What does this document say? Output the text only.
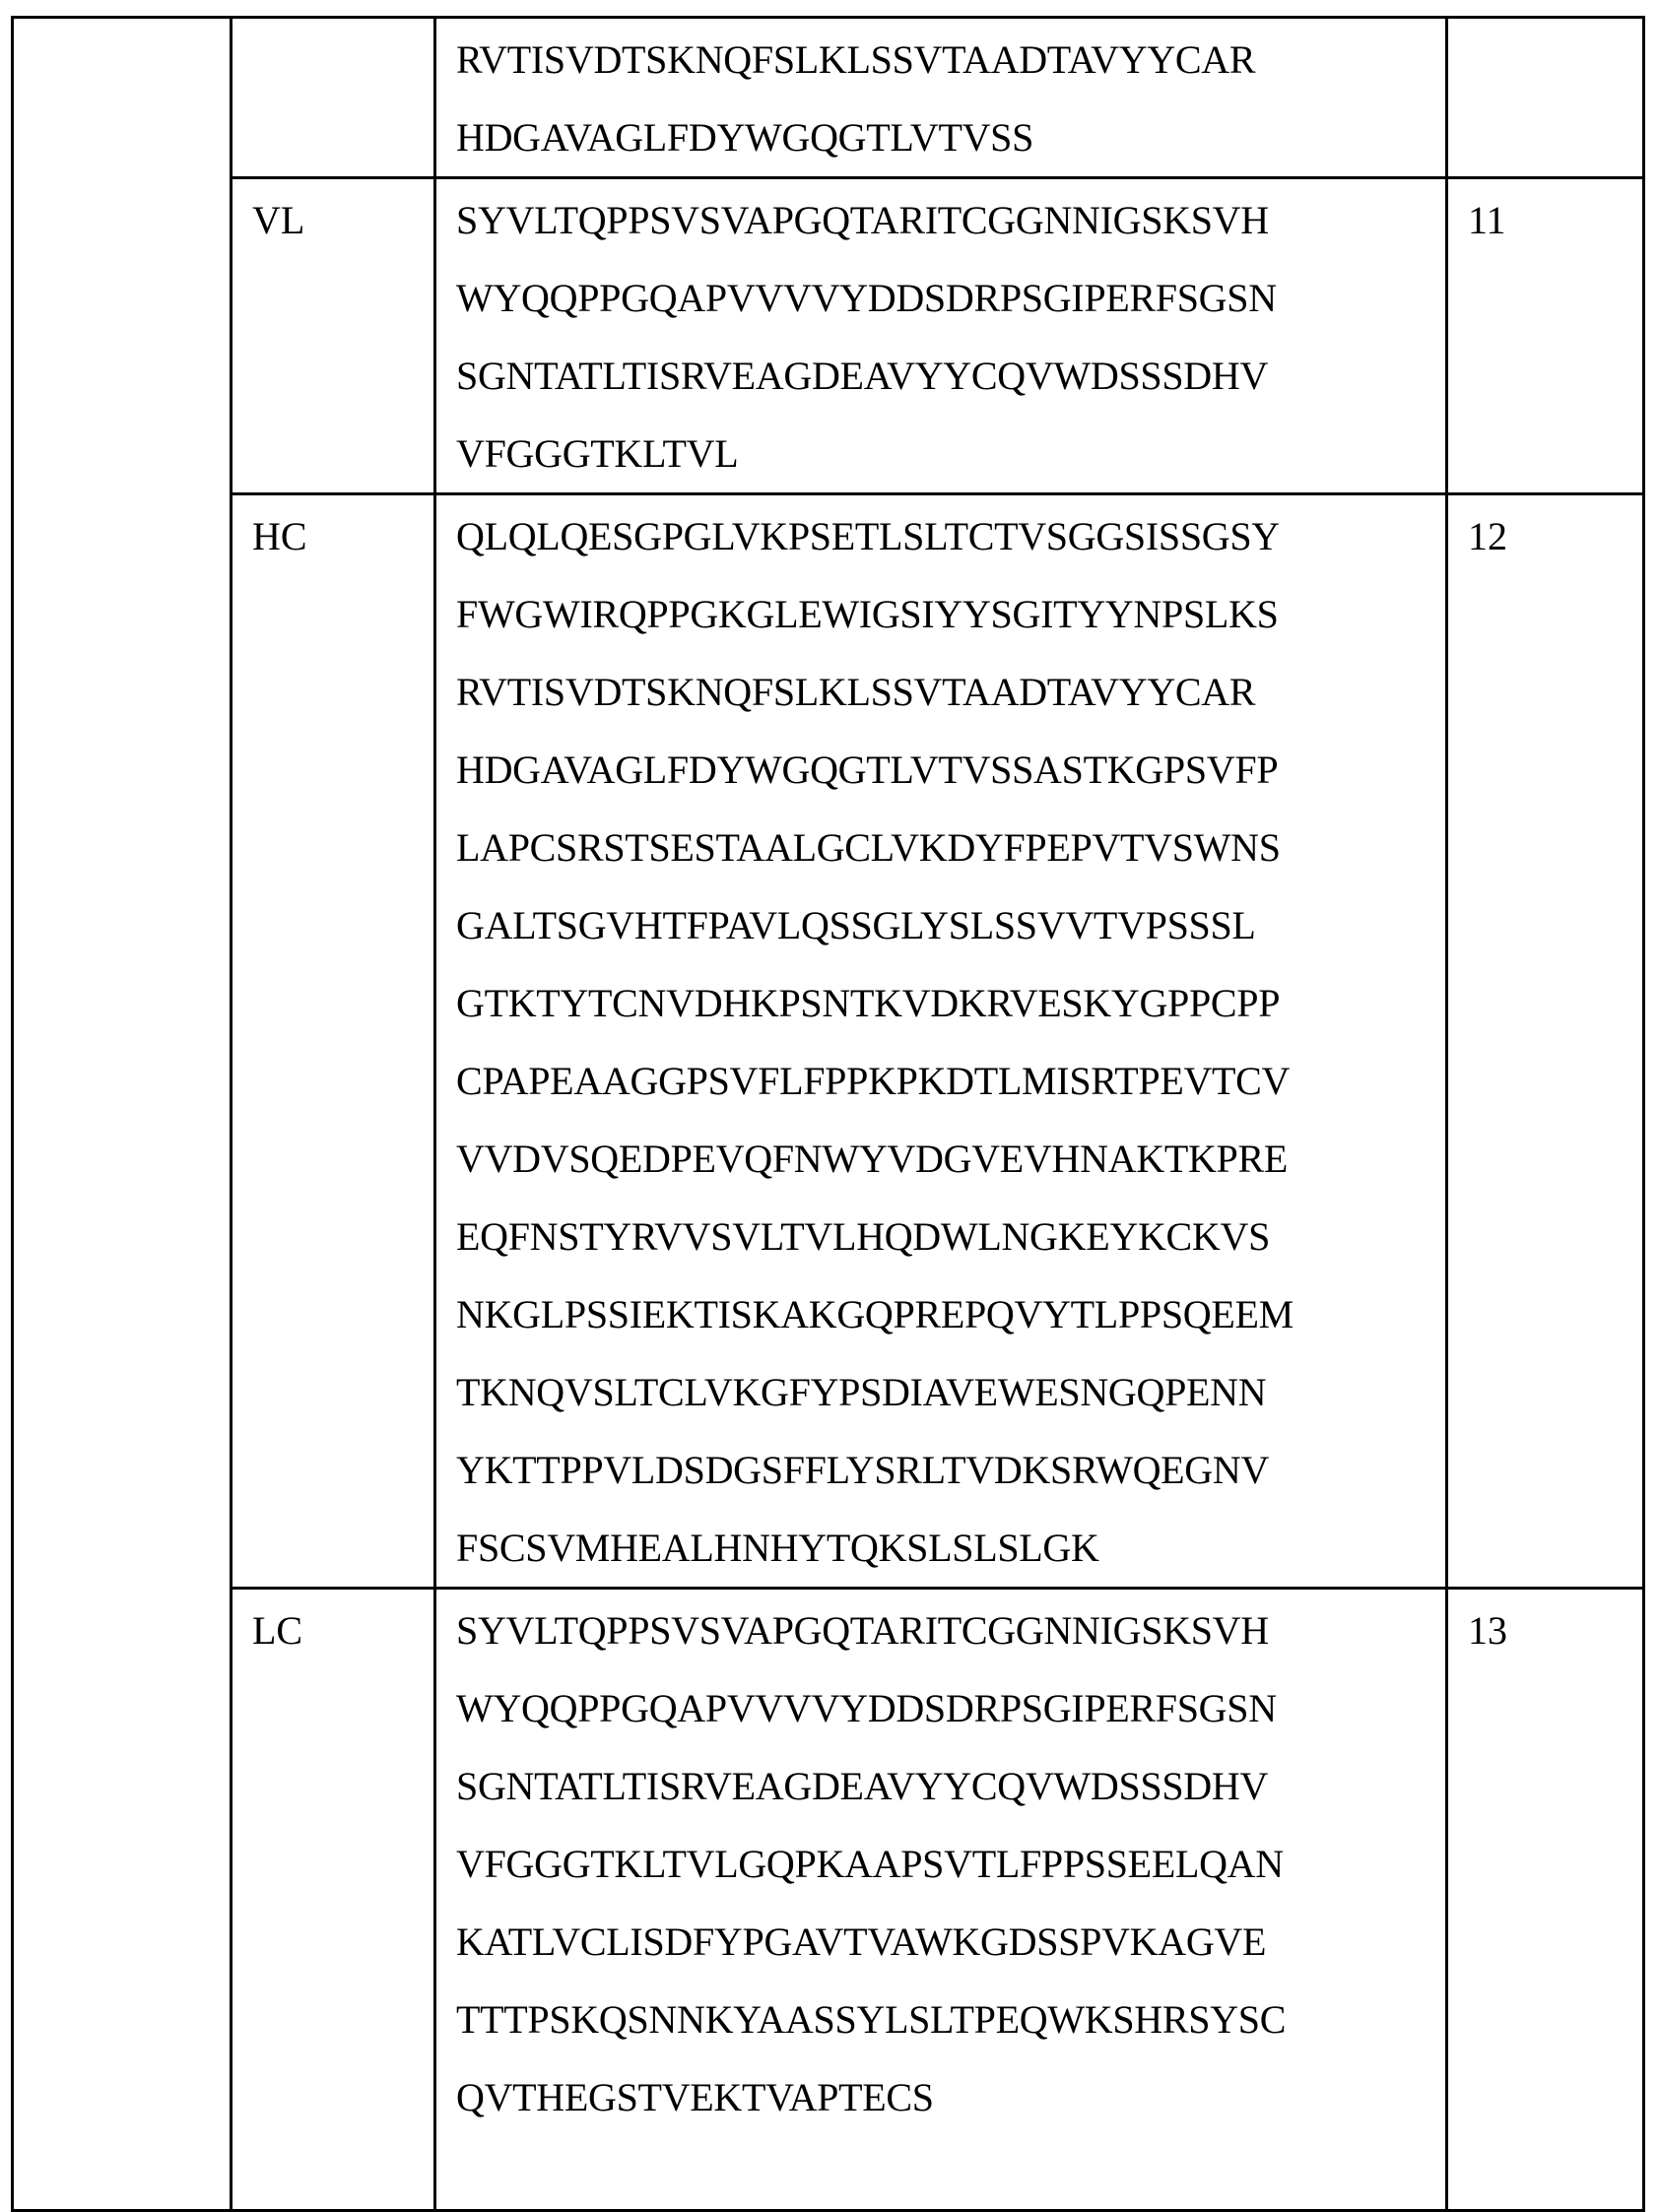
RVTISVDTSKNQFSLKLSSVTAADTAVYYCAR
HDGAVAGLFDYWGQGTLVTVSS

VL	SYVLTQPPSVSVAPGQTARITCGGNNIGSKSVH
WYQQPPGQAPVVVVYDDSDRPSGIPERFSGSN
SGNTATLTISRVEAGDEAVYYCQVWDSSSDHV
VFGGGTKLTVL
	11
HC	QLQLQESGPGLVKPSETLSLTCTVSGGSISSGSY
FWGWIRQPPGKGLEWIGSIYYSGITYYNPSLKS
RVTISVDTSKNQFSLKLSSVTAADTAVYYCAR
HDGAVAGLFDYWGQGTLVTVSSASTKGPSVFP
LAPCSRSTSESTAALGCLVKDYFPEPVTVSWNS
GALTSGVHTFPAVLQSSGLYSLSSVVTVPSSSL
GTKTYTCNVDHKPSNTKVDKRVESKYGPPCPP
CPAPEAAGGPSVFLFPPKPKDTLMISRTPEVTCV
VVDVSQEDPEVQFNWYVDGVEVHNAKTKPRE
EQFNSTYRVVSVLTVLHQDWLNGKEYKCKVS
NKGLPSSIEKTISKAKGQPREPQVYTLPPSQEEM
TKNQVSLTCLVKGFYPSDIAVEWESNGQPENN
YKTTPPVLDSDGSFFLYSRLTVDKSRWQEGNV
FSCSVMHEALHNHYTQKSLSLSLGK
	12
LC	SYVLTQPPSVSVAPGQTARITCGGNNIGSKSVH
WYQQPPGQAPVVVVYDDSDRPSGIPERFSGSN
SGNTATLTISRVEAGDEAVYYCQVWDSSSDHV
VFGGGTKLTVLGQPKAAPSVTLFPPSSEELQAN
KATLVCLISDFYPGAVTVAWKGDSSPVKAGVE
TTTPSKQSNNKYAASSYLSLTPEQWKSHRSYSC
QVTHEGSTVEKTVAPTECS
	13
